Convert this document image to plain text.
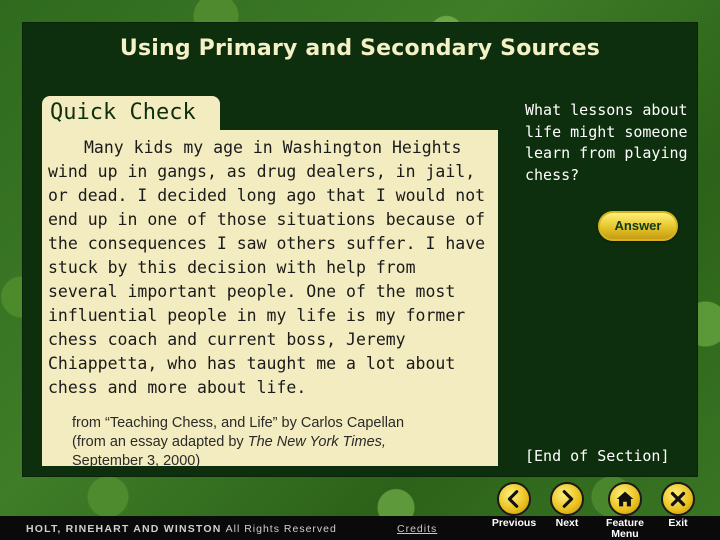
Using Primary and Secondary Sources
Quick Check

Many kids my age in Washington Heights wind up in gangs, as drug dealers, in jail, or dead. I decided long ago that I would not end up in one of those situations because of the consequences I saw others suffer. I have stuck by this decision with help from several important people. One of the most influential people in my life is my former chess coach and current boss, Jeremy Chiappetta, who has taught me a lot about chess and more about life.

from “Teaching Chess, and Life” by Carlos Capellan
(from an essay adapted by The New York Times,
September 3, 2000)
What lessons about life might someone learn from playing chess?
Answer
[End of Section]
HOLT, RINEHART AND WINSTON All Rights Reserved	Credits	Previous	Next	Feature
Menu
Exit
